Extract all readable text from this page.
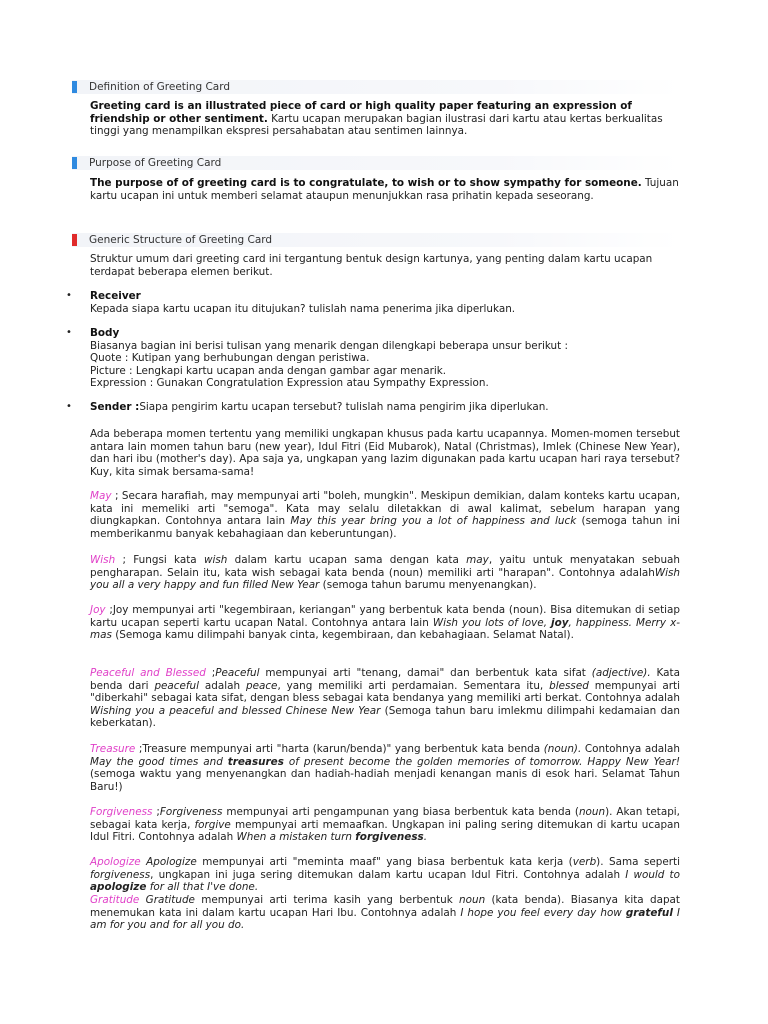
Definition of Greeting Card
Greeting card is an illustrated piece of card or high quality paper featuring an expression of friendship or other sentiment. Kartu ucapan merupakan bagian ilustrasi dari kartu atau kertas berkualitas tinggi yang menampilkan ekspresi persahabatan atau sentimen lainnya.
Purpose of Greeting Card
The purpose of of greeting card is to congratulate, to wish or to show sympathy for someone. Tujuan kartu ucapan ini untuk memberi selamat ataupun menunjukkan rasa prihatin kepada seseorang.
Generic Structure of Greeting Card
Struktur umum dari greeting card ini tergantung bentuk design kartunya, yang penting dalam kartu ucapan terdapat beberapa elemen berikut.
• Receiver
Kepada siapa kartu ucapan itu ditujukan? tulislah nama penerima jika diperlukan.
• Body
Biasanya bagian ini berisi tulisan yang menarik dengan dilengkapi beberapa unsur berikut :
Quote : Kutipan yang berhubungan dengan peristiwa.
Picture : Lengkapi kartu ucapan anda dengan gambar agar menarik.
Expression : Gunakan Congratulation Expression atau Sympathy Expression.
• Sender :Siapa pengirim kartu ucapan tersebut? tulislah nama pengirim jika diperlukan.
Ada beberapa momen tertentu yang memiliki ungkapan khusus pada kartu ucapannya. Momen-momen tersebut antara lain momen tahun baru (new year), Idul Fitri (Eid Mubarok), Natal (Christmas), Imlek (Chinese New Year), dan hari ibu (mother's day). Apa saja ya, ungkapan yang lazim digunakan pada kartu ucapan hari raya tersebut? Kuy, kita simak bersama-sama!
May ; Secara harafiah, may mempunyai arti "boleh, mungkin". Meskipun demikian, dalam konteks kartu ucapan, kata ini memeliki arti "semoga". Kata may selalu diletakkan di awal kalimat, sebelum harapan yang diungkapkan. Contohnya antara lain May this year bring you a lot of happiness and luck (semoga tahun ini memberikanmu banyak kebahagiaan dan keberuntungan).
Wish ; Fungsi kata wish dalam kartu ucapan sama dengan kata may, yaitu untuk menyatakan sebuah pengharapan. Selain itu, kata wish sebagai kata benda (noun) memiliki arti "harapan". Contohnya adalahWish you all a very happy and fun filled New Year (semoga tahun barumu menyenangkan).
Joy ;Joy mempunyai arti "kegembiraan, keriangan" yang berbentuk kata benda (noun). Bisa ditemukan di setiap kartu ucapan seperti kartu ucapan Natal. Contohnya antara lain Wish you lots of love, joy, happiness. Merry x-mas (Semoga kamu dilimpahi banyak cinta, kegembiraan, dan kebahagiaan. Selamat Natal).
Peaceful and Blessed ;Peaceful mempunyai arti "tenang, damai" dan berbentuk kata sifat (adjective). Kata benda dari peaceful adalah peace, yang memiliki arti perdamaian. Sementara itu, blessed mempunyai arti "diberkahi" sebagai kata sifat, dengan bless sebagai kata bendanya yang memiliki arti berkat. Contohnya adalah Wishing you a peaceful and blessed Chinese New Year (Semoga tahun baru imlekmu dilimpahi kedamaian dan keberkatan).
Treasure ;Treasure mempunyai arti "harta (karun/benda)" yang berbentuk kata benda (noun). Contohnya adalah May the good times and treasures of present become the golden memories of tomorrow. Happy New Year! (semoga waktu yang menyenangkan dan hadiah-hadiah menjadi kenangan manis di esok hari. Selamat Tahun Baru!)
Forgiveness ;Forgiveness mempunyai arti pengampunan yang biasa berbentuk kata benda (noun). Akan tetapi, sebagai kata kerja, forgive mempunyai arti memaafkan. Ungkapan ini paling sering ditemukan di kartu ucapan Idul Fitri. Contohnya adalah When a mistaken turn forgiveness.
Apologize Apologize mempunyai arti "meminta maaf" yang biasa berbentuk kata kerja (verb). Sama seperti forgiveness, ungkapan ini juga sering ditemukan dalam kartu ucapan Idul Fitri. Contohnya adalah I would to apologize for all that I've done.
Gratitude Gratitude mempunyai arti terima kasih yang berbentuk noun (kata benda). Biasanya kita dapat menemukan kata ini dalam kartu ucapan Hari Ibu. Contohnya adalah I hope you feel every day how grateful I am for you and for all you do.
